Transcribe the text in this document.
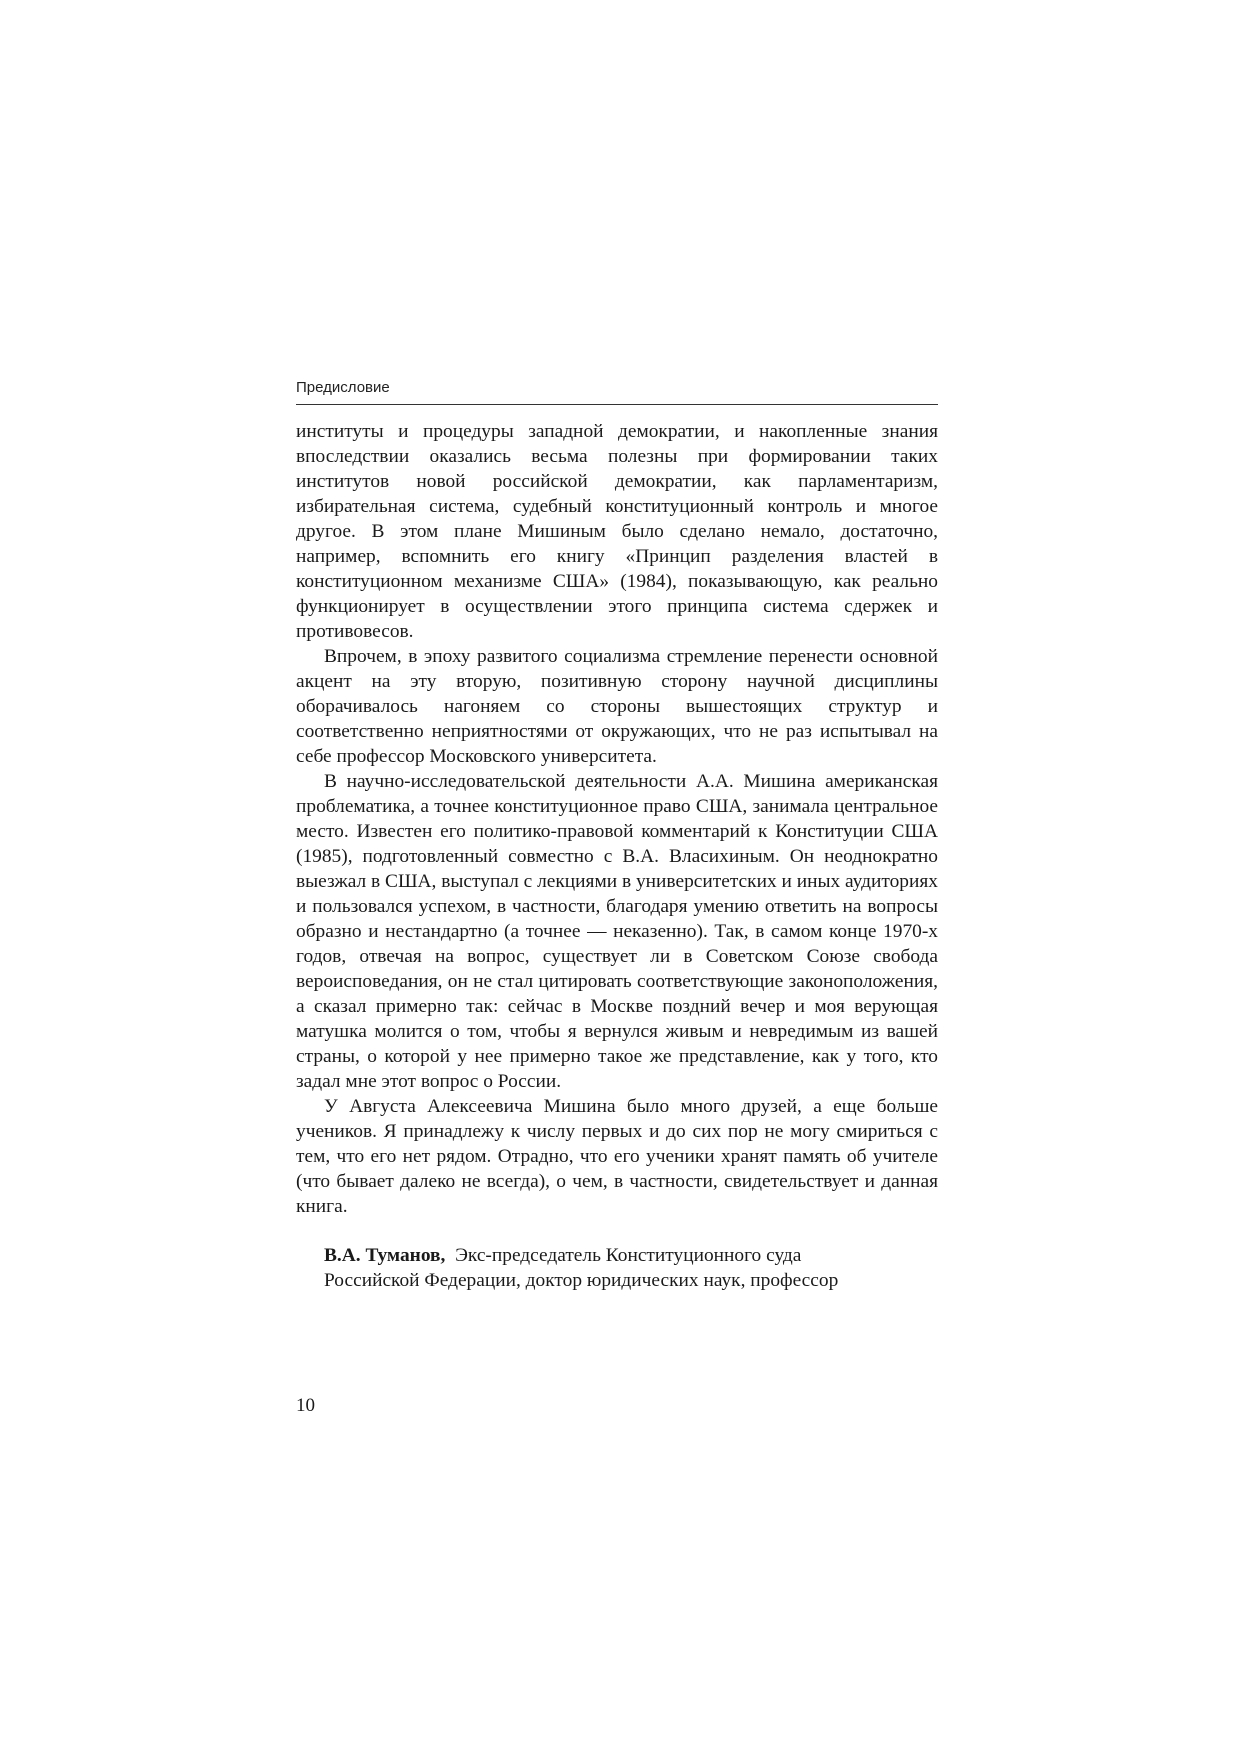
Предисловие

институты и процедуры западной демократии, и накопленные знания впоследствии оказались весьма полезны при формировании таких институтов новой российской демократии, как парламентаризм, избирательная система, судебный конституционный контроль и многое другое. В этом плане Мишиным было сделано немало, достаточно, например, вспомнить его книгу «Принцип разделения властей в конституционном механизме США» (1984), показывающую, как реально функционирует в осуществлении этого принципа система сдержек и противовесов.

Впрочем, в эпоху развитого социализма стремление перенести основной акцент на эту вторую, позитивную сторону научной дисциплины оборачивалось нагоняем со стороны вышестоящих структур и соответственно неприятностями от окружающих, что не раз испытывал на себе профессор Московского университета.

В научно-исследовательской деятельности А.А. Мишина американская проблематика, а точнее конституционное право США, занимала центральное место. Известен его политико-правовой комментарий к Конституции США (1985), подготовленный совместно с В.А. Власихиным. Он неоднократно выезжал в США, выступал с лекциями в университетских и иных аудиториях и пользовался успехом, в частности, благодаря умению ответить на вопросы образно и нестандартно (а точнее — неказенно). Так, в самом конце 1970-х годов, отвечая на вопрос, существует ли в Советском Союзе свобода вероисповедания, он не стал цитировать соответствующие законоположения, а сказал примерно так: сейчас в Москве поздний вечер и моя верующая матушка молится о том, чтобы я вернулся живым и невредимым из вашей страны, о которой у нее примерно такое же представление, как у того, кто задал мне этот вопрос о России.

У Августа Алексеевича Мишина было много друзей, а еще больше учеников. Я принадлежу к числу первых и до сих пор не могу смириться с тем, что его нет рядом. Отрадно, что его ученики хранят память об учителе (что бывает далеко не всегда), о чем, в частности, свидетельствует и данная книга.

В.А. Туманов, Экс-председатель Конституционного суда
Российской Федерации, доктор юридических наук, профессор
10
